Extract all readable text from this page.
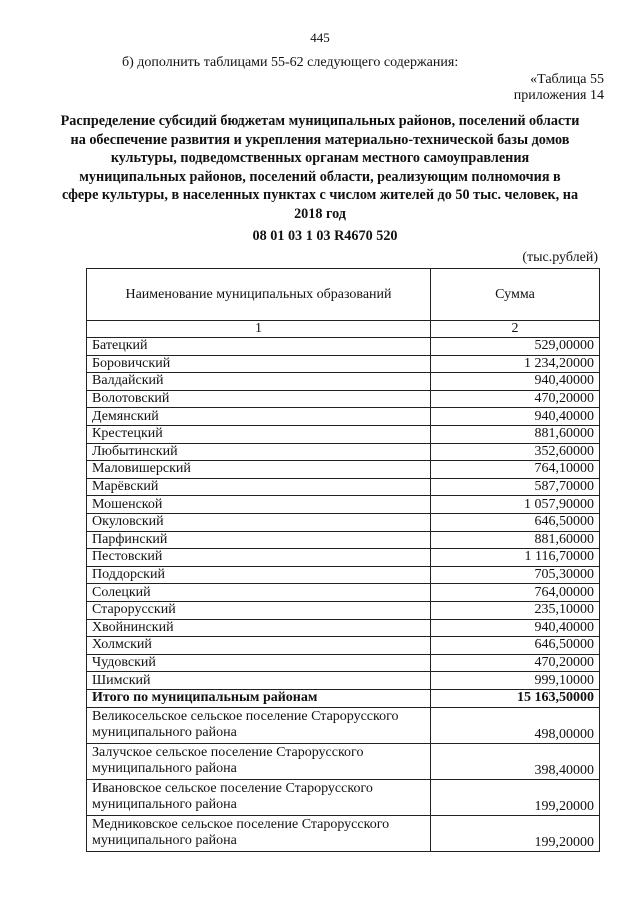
445
б) дополнить таблицами 55-62 следующего содержания:
«Таблица 55
приложения 14
Распределение субсидий бюджетам муниципальных районов, поселений области на обеспечение развития и укрепления материально-технической базы домов культуры, подведомственных органам местного самоуправления муниципальных районов, поселений области, реализующим полномочия в сфере культуры, в населенных пунктах с числом жителей до 50 тыс. человек, на 2018 год
08 01 03 1 03 R4670 520
(тыс.рублей)
Наименование муниципальных образований	Сумма
1	2
Батецкий	529,00000
Боровичский	1 234,20000
Валдайский	940,40000
Волотовский	470,20000
Демянский	940,40000
Крестецкий	881,60000
Любытинский	352,60000
Маловишерский	764,10000
Марёвский	587,70000
Мошенской	1 057,90000
Окуловский	646,50000
Парфинский	881,60000
Пестовский	1 116,70000
Поддорский	705,30000
Солецкий	764,00000
Старорусский	235,10000
Хвойнинский	940,40000
Холмский	646,50000
Чудовский	470,20000
Шимский	999,10000
Итого по муниципальным районам	15 163,50000

Великосельское сельское поселение Старорусского
муниципального района	498,00000

Залучское сельское поселение Старорусского
муниципального района	398,40000

Ивановское сельское поселение Старорусского
муниципального района	199,20000

Медниковское сельское поселение Старорусского
муниципального района	199,20000
